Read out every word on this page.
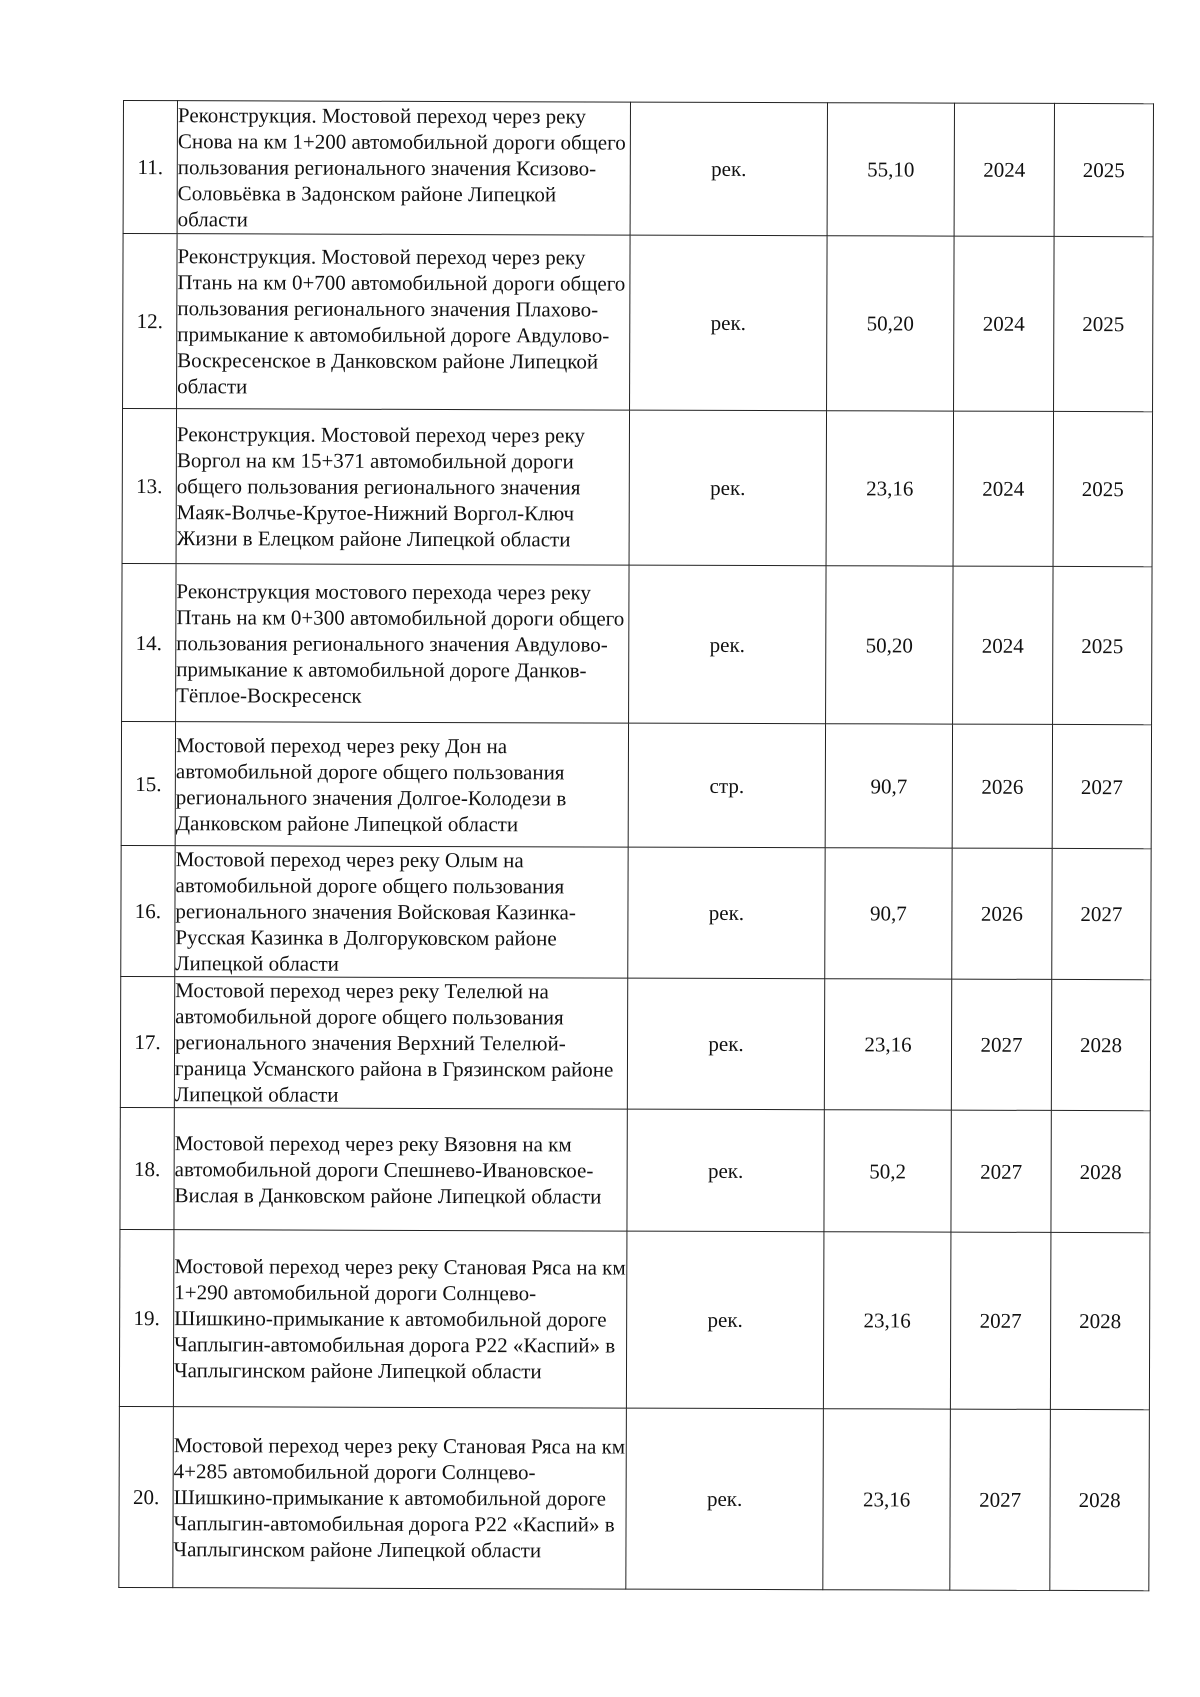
11.	Реконструкция. Мостовой переход через реку Снова на км 1+200 автомобильной дороги общего пользования регионального значения Ксизово-Соловьёвка в Задонском районе Липецкой области	рек.	55,10	2024	2025
12.	Реконструкция. Мостовой переход через реку Птань на км 0+700 автомобильной дороги общего пользования регионального значения Плахово-примыкание к автомобильной дороге Авдулово-Воскресенское в Данковском районе Липецкой области	рек.	50,20	2024	2025
13.	Реконструкция. Мостовой переход через реку Воргол на км 15+371 автомобильной дороги общего пользования регионального значения Маяк-Волчье-Крутое-Нижний Воргол-Ключ Жизни в Елецком районе Липецкой области	рек.	23,16	2024	2025
14.	Реконструкция мостового перехода через реку Птань на км 0+300 автомобильной дороги общего пользования регионального значения Авдулово-примыкание к автомобильной дороге Данков-Тёплое-Воскресенск	рек.	50,20	2024	2025
15.	Мостовой переход через реку Дон на автомобильной дороге общего пользования регионального значения Долгое-Колодези в Данковском районе Липецкой области	стр.	90,7	2026	2027
16.	Мостовой переход через реку Олым на автомобильной дороге общего пользования регионального значения Войсковая Казинка-Русская Казинка в Долгоруковском районе Липецкой области	рек.	90,7	2026	2027
17.	Мостовой переход через реку Телелюй на автомобильной дороге общего пользования регионального значения Верхний Телелюй-граница Усманского района в Грязинском районе Липецкой области	рек.	23,16	2027	2028
18.	Мостовой переход через реку Вязовня на км автомобильной дороги Спешнево-Ивановское-Вислая в Данковском районе Липецкой области	рек.	50,2	2027	2028
19.	Мостовой переход через реку Становая Ряса на км 1+290 автомобильной дороги Солнцево-Шишкино-примыкание к автомобильной дороге Чаплыгин-автомобильная дорога Р22 «Каспий» в Чаплыгинском районе Липецкой области	рек.	23,16	2027	2028
20.	Мостовой переход через реку Становая Ряса на км 4+285 автомобильной дороги Солнцево-Шишкино-примыкание к автомобильной дороге Чаплыгин-автомобильная дорога Р22 «Каспий» в Чаплыгинском районе Липецкой области	рек.	23,16	2027	2028
